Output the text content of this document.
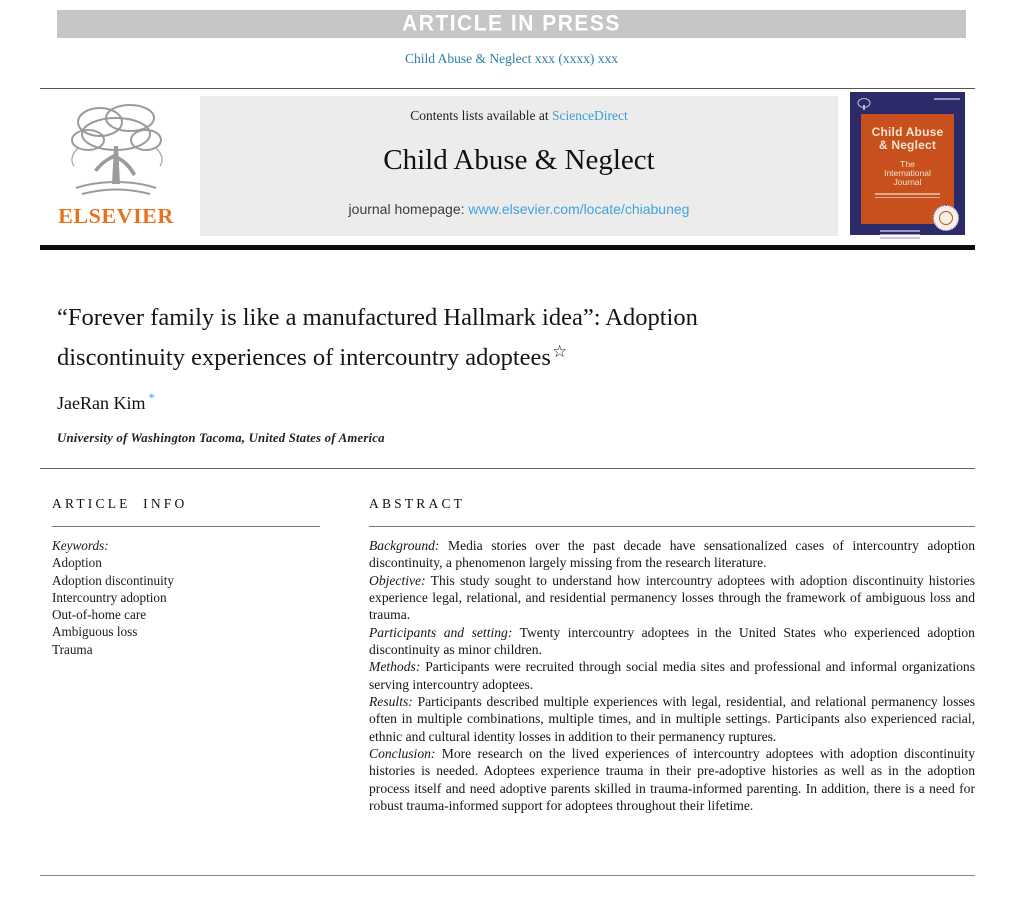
ARTICLE IN PRESS
Child Abuse & Neglect xxx (xxxx) xxx
ELSEVIER
Contents lists available at ScienceDirect
Child Abuse & Neglect
journal homepage: www.elsevier.com/locate/chiabuneg
Child Abuse
& Neglect
The
International
Journal
“Forever family is like a manufactured Hallmark idea”: Adoption
discontinuity experiences of intercountry adoptees☆
JaeRan Kim *
University of Washington Tacoma, United States of America
ARTICLE INFO
Keywords:
Adoption
Adoption discontinuity
Intercountry adoption
Out-of-home care
Ambiguous loss
Trauma
ABSTRACT

Background: Media stories over the past decade have sensationalized cases of intercountry adoption discontinuity, a phenomenon largely missing from the research literature.

Objective: This study sought to understand how intercountry adoptees with adoption discontinuity histories experience legal, relational, and residential permanency losses through the framework of ambiguous loss and trauma.

Participants and setting: Twenty intercountry adoptees in the United States who experienced adoption discontinuity as minor children.

Methods: Participants were recruited through social media sites and professional and informal organizations serving intercountry adoptees.

Results: Participants described multiple experiences with legal, residential, and relational permanency losses often in multiple combinations, multiple times, and in multiple settings. Participants also experienced racial, ethnic and cultural identity losses in addition to their permanency ruptures.

Conclusion: More research on the lived experiences of intercountry adoptees with adoption discontinuity histories is needed. Adoptees experience trauma in their pre-adoptive histories as well as in the adoption process itself and need adoptive parents skilled in trauma-informed parenting. In addition, there is a need for robust trauma-informed support for adoptees throughout their lifetime.
